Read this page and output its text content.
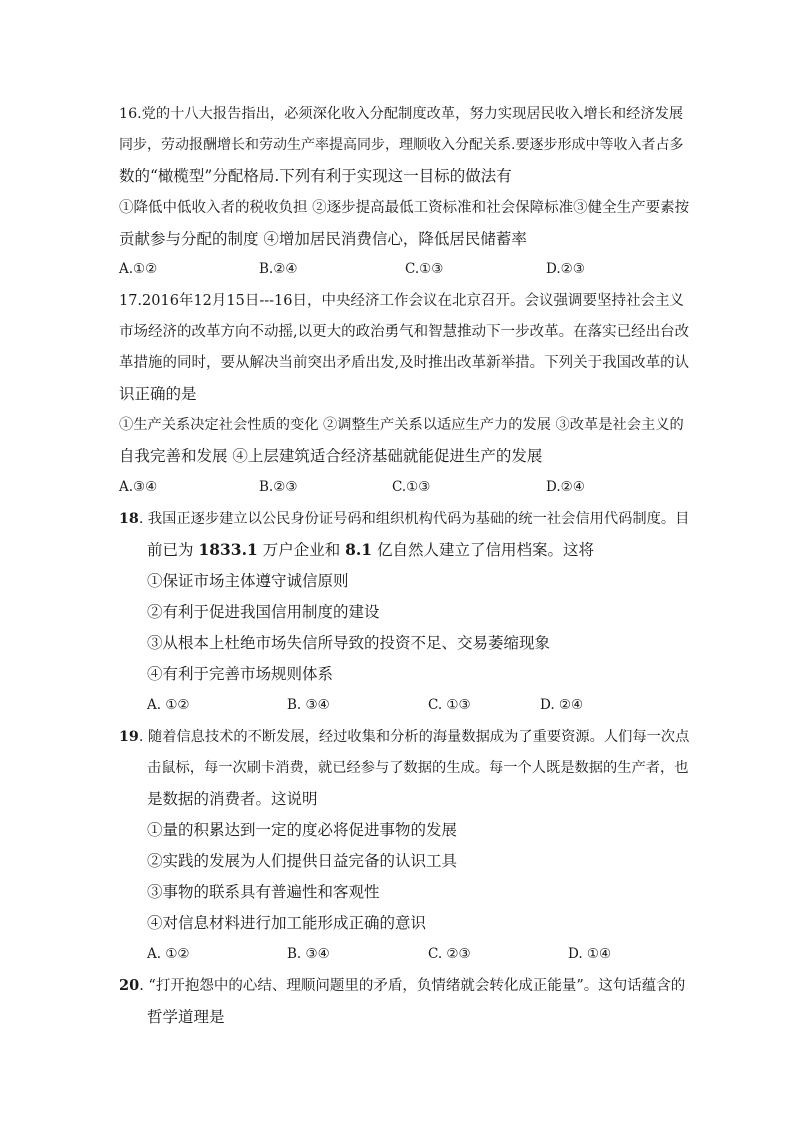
16.党的十八大报告指出，必须深化收入分配制度改革，努力实现居民收入增长和经济发展
同步，劳动报酬增长和劳动生产率提高同步，理顺收入分配关系.要逐步形成中等收入者占多
数的“橄榄型”分配格局.下列有利于实现这一目标的做法有
①降低中低收入者的税收负担 ②逐步提高最低工资标准和社会保障标准③健全生产要素按
贡献参与分配的制度 ④增加居民消费信心，降低居民储蓄率
A.①②	B.②④	C.①③	D.②③
17.2016年12月15日---16日，中央经济工作会议在北京召开。会议强调要坚持社会主义
市场经济的改革方向不动摇,以更大的政治勇气和智慧推动下一步改革。在落实已经出台改
革措施的同时，要从解决当前突出矛盾出发,及时推出改革新举措。下列关于我国改革的认
识正确的是
①生产关系决定社会性质的变化 ②调整生产关系以适应生产力的发展 ③改革是社会主义的
自我完善和发展 ④上层建筑适合经济基础就能促进生产的发展
A.③④	B.②③	C.①③	D.②④
18. 我国正逐步建立以公民身份证号码和组织机构代码为基础的统一社会信用代码制度。目
前已为 1833.1 万户企业和 8.1 亿自然人建立了信用档案。这将
①保证市场主体遵守诚信原则
②有利于促进我国信用制度的建设
③从根本上杜绝市场失信所导致的投资不足、交易萎缩现象
④有利于完善市场规则体系
A. ①②	B. ③④	C. ①③	D. ②④
19. 随着信息技术的不断发展，经过收集和分析的海量数据成为了重要资源。人们每一次点
击鼠标，每一次刷卡消费，就已经参与了数据的生成。每一个人既是数据的生产者，也
是数据的消费者。这说明
①量的积累达到一定的度必将促进事物的发展
②实践的发展为人们提供日益完备的认识工具
③事物的联系具有普遍性和客观性
④对信息材料进行加工能形成正确的意识
A. ①②	B. ③④	C. ②③	D. ①④
20. “打开抱怨中的心结、理顺问题里的矛盾，负情绪就会转化成正能量”。这句话蕴含的
哲学道理是
